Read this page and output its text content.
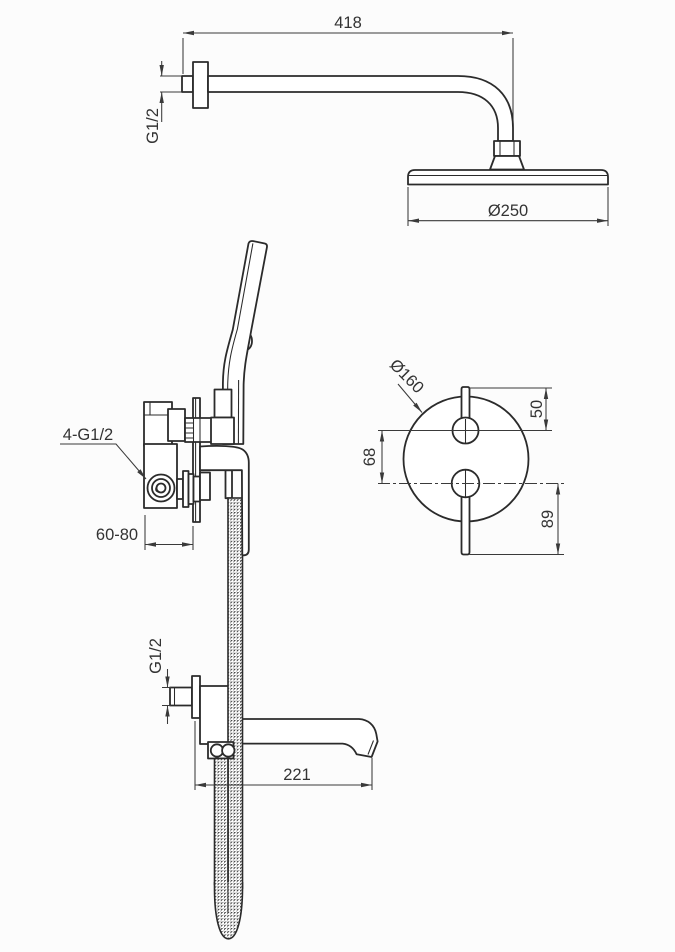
418
G1/2
Ø250
4-G1/2
60-80
G1/2
221
50
68
89
Ø160
